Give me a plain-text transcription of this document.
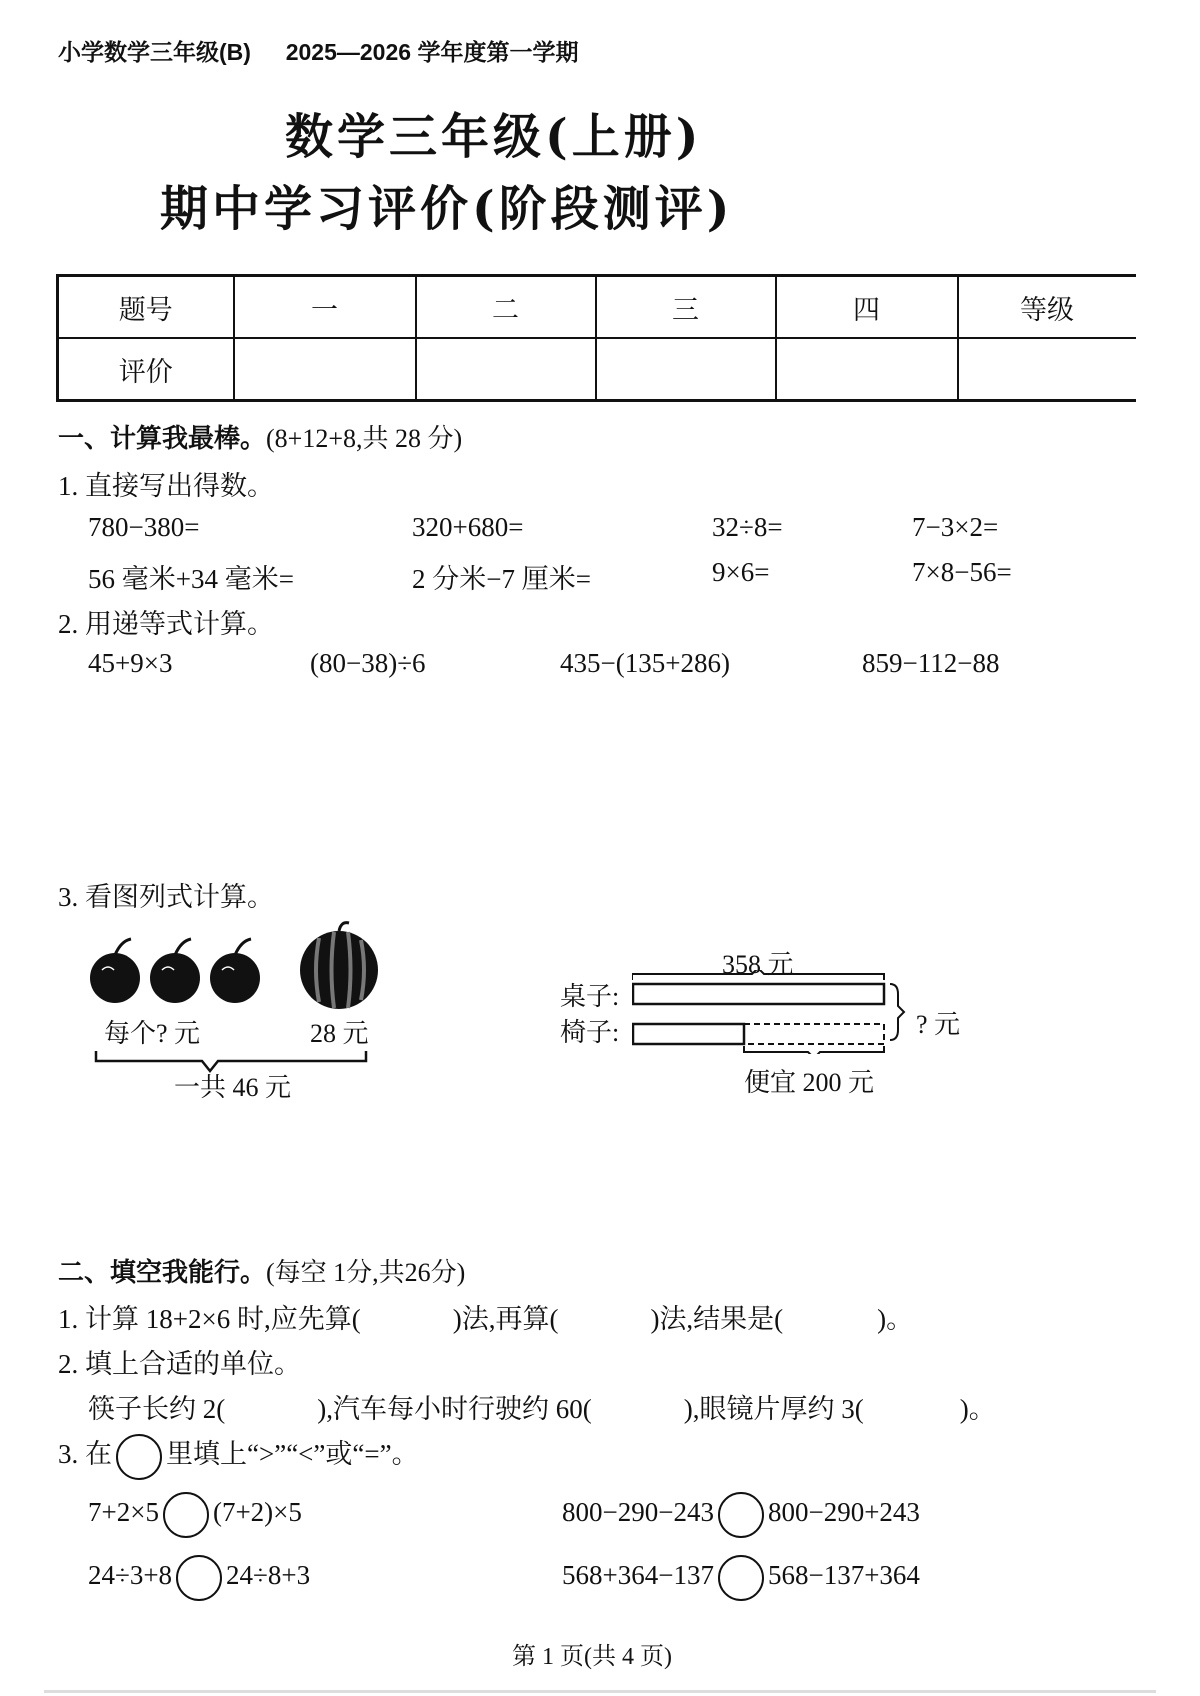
小学数学三年级(B) 2025—2026 学年度第一学期
数学三年级(上册)
期中学习评价(阶段测评)
题号	一	二	三	四	等级
评价					
一、计算我最棒。(8+12+8,共 28 分)
1. 直接写出得数。
780−380=	320+680=	32÷8=	7−3×2=
56 毫米+34 毫米=	2 分米−7 厘米=	9×6=	7×8−56=
2. 用递等式计算。
45+9×3	(80−38)÷6	435−(135+286)	859−112−88
3. 看图列式计算。
每个? 元	28 元
一共 46 元
358 元
桌子:
椅子:	? 元
便宜 200 元
二、填空我能行。(每空 1分,共26分)
1. 计算 18+2×6 时,应先算(	)法,再算(	)法,结果是(	)。
2. 填上合适的单位。
筷子长约 2(	),汽车每小时行驶约 60(	),眼镜片厚约 3(	)。
3. 在 里填上“>”“<”或“=”。
7+2×5 (7+2)×5	800−290−243 800−290+243
24÷3+8 24÷8+3	568+364−137 568−137+364
第 1 页(共 4 页)
